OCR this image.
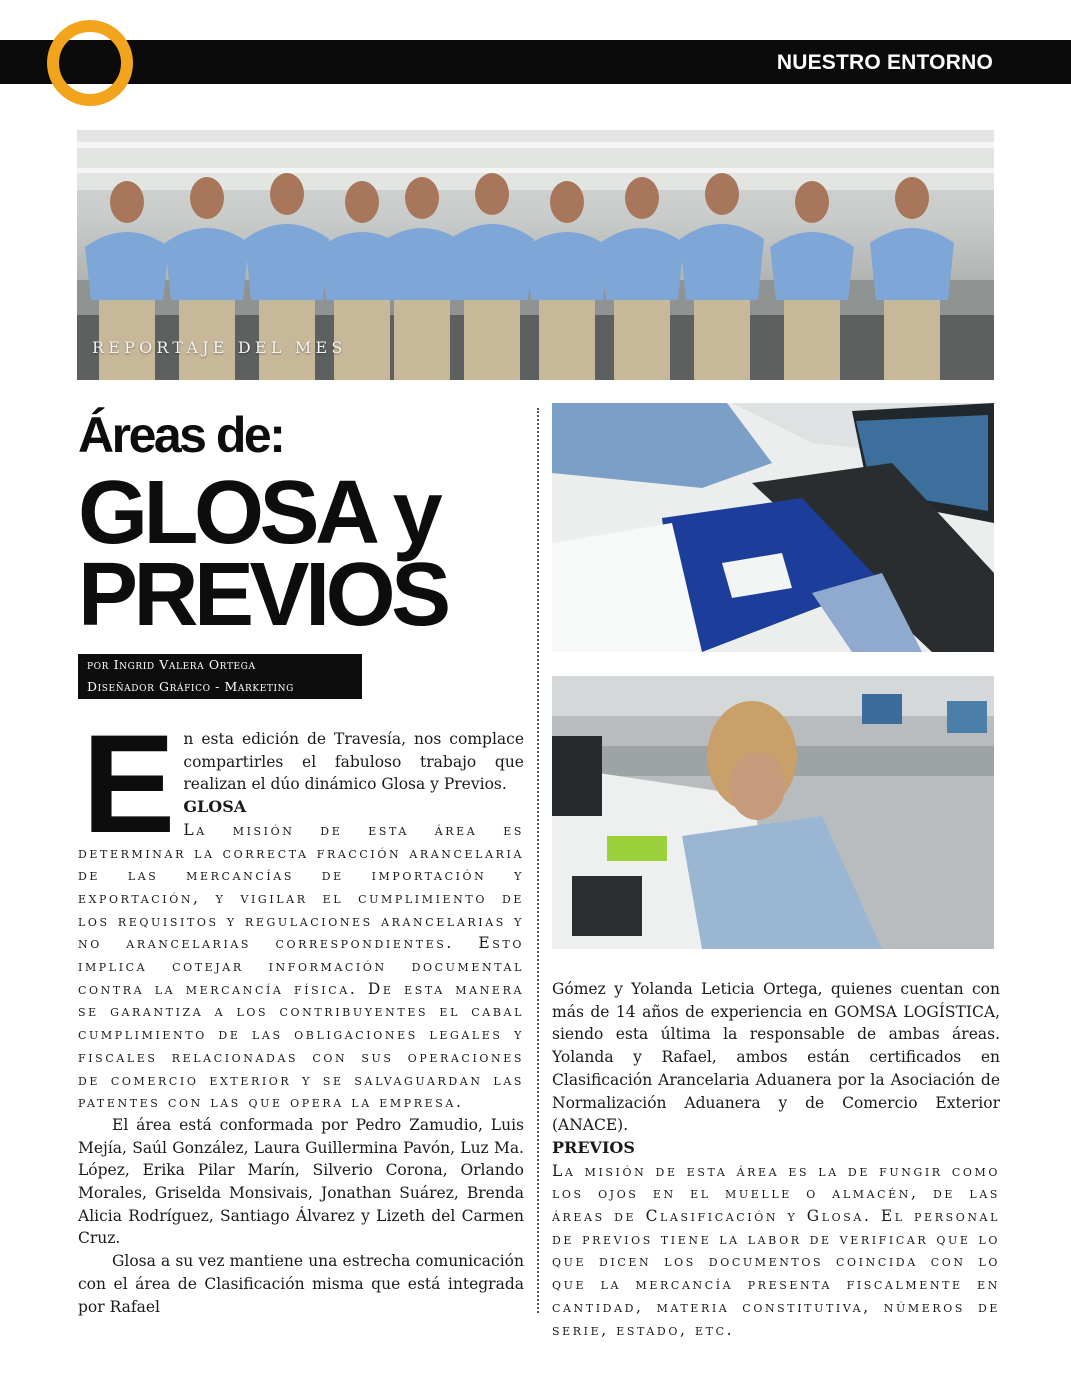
NUESTRO ENTORNO
REPORTAJE DEL MES
Áreas de:
GLOSA y
PREVIOS
por Ingrid Valera Ortega
Diseñador Gráfico - Marketing
E n esta edición de Travesía, nos complace compartirles el fabuloso trabajo que realizan el dúo dinámico Glosa y Previos.

GLOSA

La misión de esta área es determinar la correcta fracción arancelaria de las mercancías de importación y exportación, y vigilar el cumplimiento de los requisitos y regulaciones arancelarias y no arancelarias correspondientes. Esto implica cotejar información documental contra la mercancía física. De esta manera se garantiza a los contribuyentes el cabal cumplimiento de las obligaciones legales y fiscales relacionadas con sus operaciones de comercio exterior y se salvaguardan las patentes con las que opera la empresa.

El área está conformada por Pedro Zamudio, Luis Mejía, Saúl González, Laura Guillermina Pavón, Luz Ma. López, Erika Pilar Marín, Silverio Corona, Orlando Morales, Griselda Monsivais, Jonathan Suárez, Brenda Alicia Rodríguez, Santiago Álvarez y Lizeth del Carmen Cruz.

Glosa a su vez mantiene una estrecha comunicación con el área de Clasificación misma que está integrada por Rafael

Gómez y Yolanda Leticia Ortega, quienes cuentan con más de 14 años de experiencia en GOMSA LOGÍSTICA, siendo esta última la responsable de ambas áreas. Yolanda y Rafael, ambos están certificados en Clasificación Arancelaria Aduanera por la Asociación de Normalización Aduanera y de Comercio Exterior (ANACE).

PREVIOS

La misión de esta área es la de fungir como los ojos en el muelle o almacén, de las áreas de Clasificación y Glosa. El personal de previos tiene la labor de verificar que lo que dicen los documentos coincida con lo que la mercancía presenta fiscalmente en cantidad, materia constitutiva, números de serie, estado, etc.
